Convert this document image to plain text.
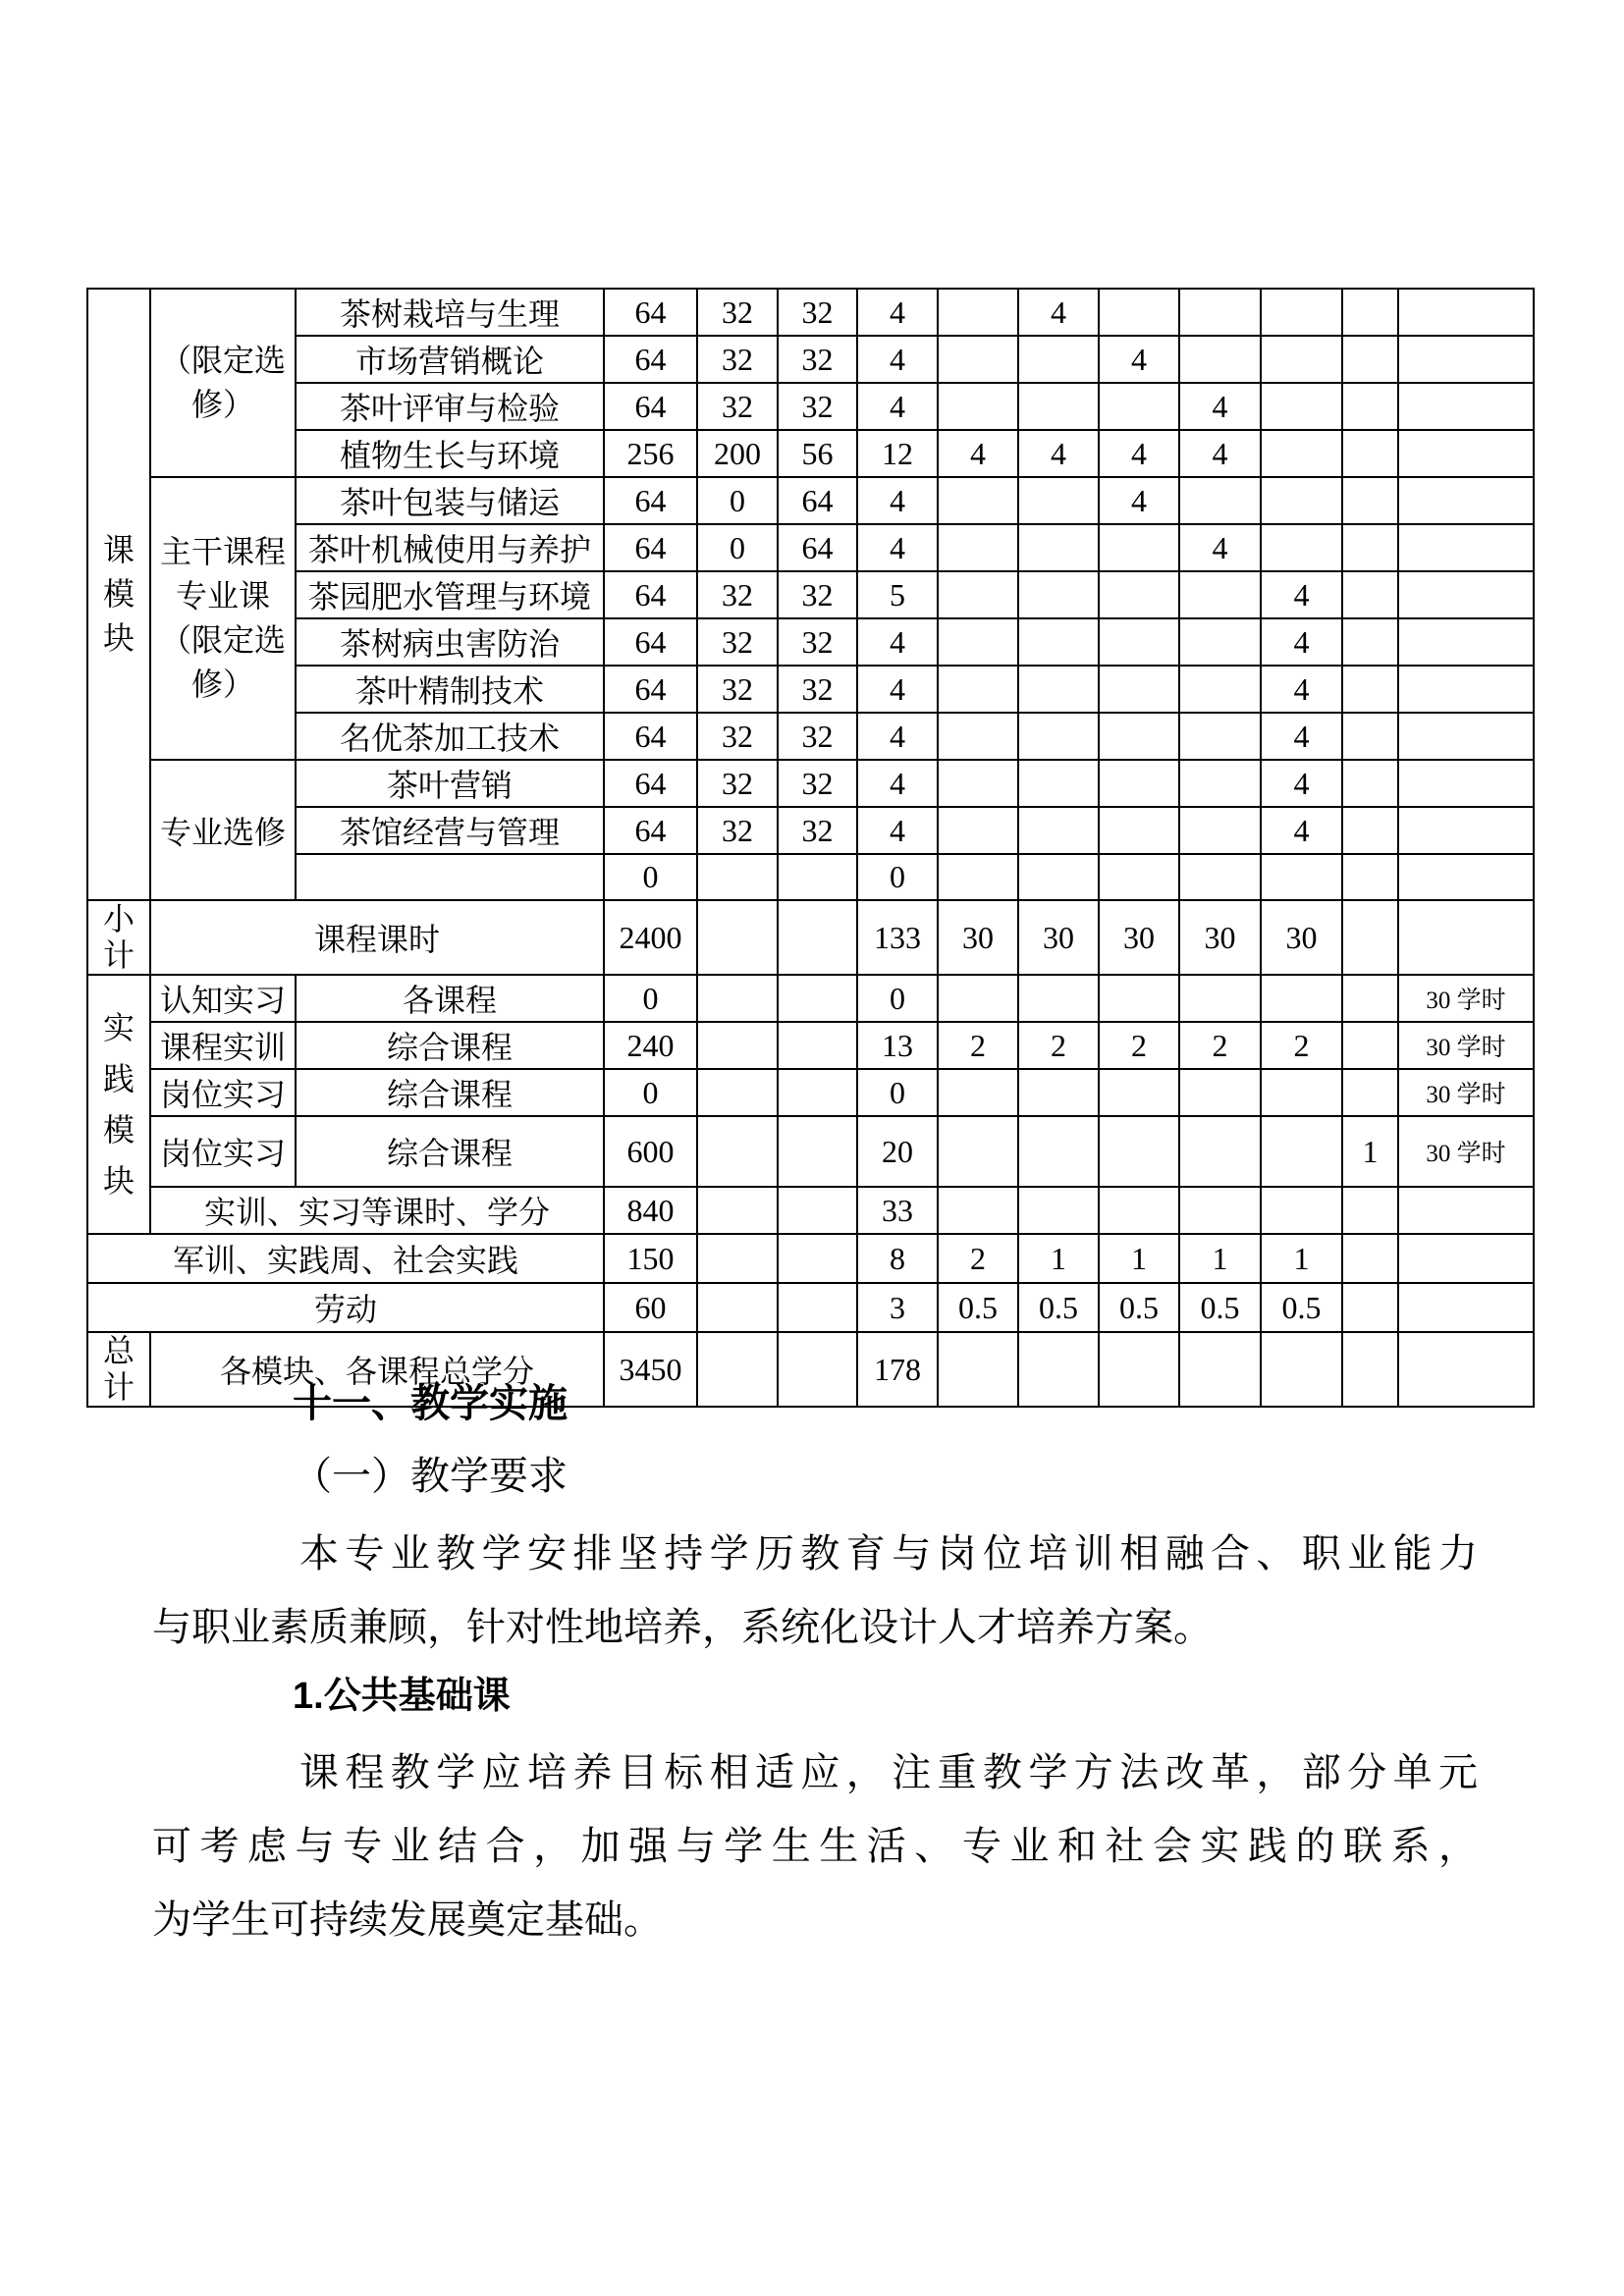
课模块	（限定选
修）	茶树栽培与生理	64	32	32	4		4					
		市场营销概论	64	32	32	4			4				
		茶叶评审与检验	64	32	32	4				4			
		植物生长与环境	256	200	56	12	4	4	4	4			

	主干课程
专业课
（限定选
修）	茶叶包装与储运	64	0	64	4			4				
		茶叶机械使用与养护	64	0	64	4				4			
		茶园肥水管理与环境	64	32	32	5					4		
		茶树病虫害防治	64	32	32	4					4		
		茶叶精制技术	64	32	32	4					4		
		名优茶加工技术	64	32	32	4					4		
	专业选修	茶叶营销	64	32	32	4					4		
		茶馆经营与管理	64	32	32	4					4		
			0			0							

小计	课程课时		2400			133	30	30	30	30	30		

实践模块	认知实习	各课程	0			0							30 学时
	课程实训	综合课程	240			13	2	2	2	2	2		30 学时
	岗位实习	综合课程	0			0							30 学时
	岗位实习	综合课程	600			20						1	30 学时
	实训、实习等课时、学分		840			33							
军训、实践周、社会实践			150			8	2	1	1	1	1		
劳动			60			3	0.5	0.5	0.5	0.5	0.5		

总计	各模块、各课程总学分		3450			178							
十一、教学实施
（一）教学要求
本专业教学安排坚持学历教育与岗位培训相融合、职业能力
与职业素质兼顾，针对性地培养，系统化设计人才培养方案。
1.公共基础课
课程教学应培养目标相适应，注重教学方法改革，部分单元
可考虑与专业结合，加强与学生生活、专业和社会实践的联系，
为学生可持续发展奠定基础。
